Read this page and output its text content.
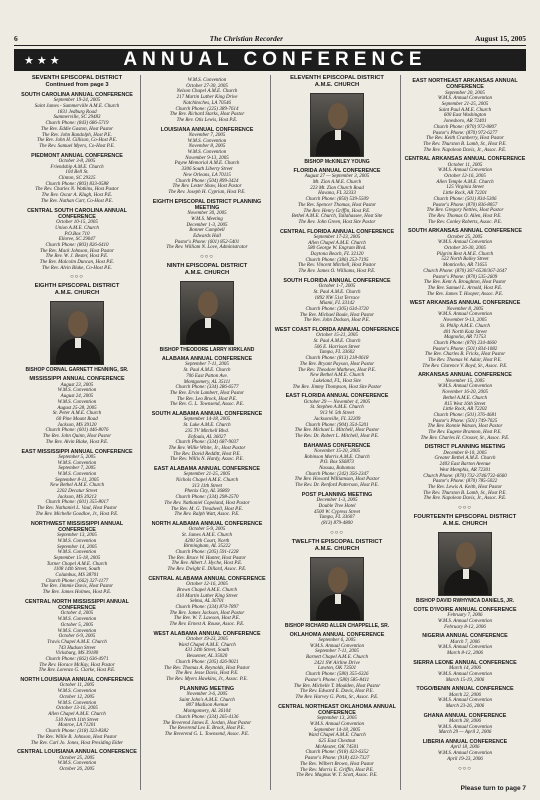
6	The Christian Recorder	August 15, 2005
★★★	ANNUAL CONFERENCE
SEVENTH EPISCOPAL DISTRICT
Continued from page 3
SOUTH CAROLINA ANNUAL CONFERENCE
September 19-24, 2005
Saint James - Summerville A.M.E. Church
1831 Jedburg Road
Summerville, SC 29483
Church Phone: (843) 686-5719
The Rev. Eddie Gaston, Host Pastor
The Rev. John Randolph, Host P.E.
The Rev. John H. Gillison, Co-Host P.E.
The Rev. Samuel Myers, Co-Host P.E.
PIEDMONT ANNUAL CONFERENCE
October 3-8, 2005
Friendship A.M.E. Church
104 Bell St.
Clinton, SC 29325
Church Phone: (803) 833-0588
The Rev. Charles N. Watkins, Host Pastor
The Rev. Oscar A. Klugh, Host P.E.
The Rev. Nathan Carr, Co-Host P.E.
CENTRAL SOUTH CAROLINA ANNUAL CONFERENCE
October 10-15, 2005
Union A.M.E. Church
P.O.Box 710
Elloree, SC 29047
Church Phone: (803) 826-6410
The Rev. Mack Johnson, Host Pastor
The Rev. W. J. Bester, Host P.E.
The Rev. Malcolm Duncan, Host P.E.
The Rev. Alvin Blake, Co-Host P.E.
○○○
EIGHTH EPISCOPAL DISTRICT
A.M.E. CHURCH
BISHOP CORNAL GARNETT HENNING, SR.
MISSISSIPPI ANNUAL CONFERENCE
August 23, 2005
W.M.S. Convention
August 24, 2005
W.M.S. Convention
August 25-28, 2005
St. Peter A.M.E. Church
60 Pine Mount Road
Jackson, MS 39120
Church Phone: (601) 446-8076
The Rev. John Quinn, Host Pastor
The Rev. Alvin Blake, Host P.E.
EAST MISSISSIPPI ANNUAL CONFERENCE
September 5, 2005
W.M.S. Convention
September 7, 2005
W.M.S. Convention
September 8-11, 2005
New Bethel A.M.E. Church
2202 Decatur Street
Jackson, MS 39213
Church Phone: (601) 355-8017
The Rev. Nathaniel L. Vaul, Host Pastor
The Rev. Michelle Goodloe, Jr., Host P.E.
NORTHWEST MISSISSIPPI ANNUAL CONFERENCE
September 13, 2005
W.M.S. Convention
September 14, 2005
W.M.S. Convention
September 15-18, 2005
Turner Chapel A.M.E. Church
1108 14th Street, South
Columbus, MS 38701
Church Phone: (662) 327-1177
The Rev. Jimmie Davis, Host Pastor
The Rev. James Holmes, Host P.E.
CENTRAL NORTH MISSISSIPPI ANNUAL CONFERENCE
October 4, 2005
W.M.S. Convention
October 5, 2005
W.M.S. Convention
October 6-9, 2005
Travis Chapel A.M.E. Church
743 Hudson Street
Vicksburg, MS 39180
Church Phone: (662) 636-4971
The Rev. Horace McKay, Host Pastor
The Rev. Lorenzo G. Clarke, Host P.E.
NORTH LOUISIANA ANNUAL CONFERENCE
October 11, 2005
W.M.S. Convention
October 12, 2005
W.M.S. Convention
October 13-16, 2005
Allen Chapel A.M.E. Church
510 North 11th Street
Monroe, LA 71201
Church Phone: (318) 323-8382
The Rev. Willie B. Johnson, Host Pastor
The Rev. Carl Jo. Jones, Host Presiding Elder
CENTRAL LOUISIANA ANNUAL CONFERENCE
October 25, 2005
W.M.S. Convention
October 26, 2005
W.M.S. Convention
October 27-30, 2005
Nelson Chapel A.M.E. Church
217 Martin Luther King Drive
Natchitoches, LA 70546
Church Phone: (225) 389-7614
The Rev. Richard Starks, Host Pastor
The Rev. Otis Lewis, Host P.E.
LOUISIANA ANNUAL CONFERENCE
November 7, 2005
W.M.S. Convention
November 8, 2005
W.M.S. Convention
November 9-13, 2005
Payne Memorial A.M.E. Church
3306 South Liberty Street
New Orleans, LA 70115
Church Phone: (504) 899-3424
The Rev. Lester Shaw, Host Pastor
The Rev. Joseph H. Cyprian, Host P.E.
EIGHTH EPISCOPAL DISTRICT PLANNING MEETING
November 30, 2005
W.M.S. Meeting
December 1-3, 2005
Bonner Campbell
Edwards Hall
Pastor's Phone: (601) 852-5401
The Rev. William N. Love, Administrator
○○○
NINTH EPISCOPAL DISTRICT
A.M.E. CHURCH
BISHOP THEODORE LARRY KIRKLAND
ALABAMA ANNUAL CONFERENCE
September 7-11, 2005
St. Paul A.M.E. Church
706 East Patton Ave.
Montgomery, AL 35111
Church Phone: (334) 286-6577
The Rev. Ervin Lambert, Host Pastor
The Rev. Leo Brock, Host P.E.
The Rev. G. L. Townsend, Assoc. P.E.
SOUTH ALABAMA ANNUAL CONFERENCE
September 14-18, 2005
St. Luke A.M.E. Church
235 TV Mitchell Blvd.
Enfoula, AL 36027
Church Phone: (334) 687-9037
The Rev. Willie White, Jr., Host Pastor
The Rev. David Redditt, Host P.E.
The Rev. Willis N. Hardy, Assoc. P.E.
EAST ALABAMA ANNUAL CONFERENCE
September 21-25, 2005
Nichols Chapel A.M.E. Church
313 11th Street
Phenix City, AL 36869
Church Phone: (334) 298-2570
The Rev. Nathaniel Copeland, Host Pastor
The Rev. M. G. Treadwell, Host P.E.
The Rev. Ralph Watt, Assoc. P.E.
NORTH ALABAMA ANNUAL CONFERENCE
October 5-9, 2005
St. James A.M.E. Church
4200 5th Court, North
Birmingham, AL 35222
Church Phone: (205) 591-1228
The Rev. Bruce W. Hunter, Host Pastor
The Rev. Albert J. Hyche, Host P.E.
The Rev. Dwight E. Dillard, Assoc. P.E.
CENTRAL ALABAMA ANNUAL CONFERENCE
October 12-16, 2005
Brown Chapel A.M.E. Church
410 Martin Luther King Street
Selma, AL 36701
Church Phone: (334) 874-7897
The Rev. James Jackson, Host Pastor
The Rev. W. T. Lawson, Host P.E.
The Rev. Ernest A. Rouse, Assoc. P.E.
WEST ALABAMA ANNUAL CONFERENCE
October 19-23, 2005
Ward Chapel A.M.E. Church
431 24th Street, South
Bessemer, AL 35020
Church Phone: (205) 426-9021
The Rev. Thomas A. Reynolds, Host Pastor
The Rev. Jesse Davis, Host P.E.
The Rev. Myers Hawkins, Jr., Assoc. P.E.
PLANNING MEETING
November 3-6, 2005
Saint John's A.M.E. Church
807 Madison Avenue
Montgomery, AL 36104
Church Phone: (334) 265-4136
The Reverend James E. Jordan, Host Pastor
The Reverend Leo E. Brock, Host P.E.
The Reverend G. L. Townsend, Assoc. P.E.
ELEVENTH EPISCOPAL DISTRICT
A.M.E. CHURCH
BISHOP McKINLEY YOUNG
FLORIDA ANNUAL CONFERENCE
August 27 — September 3, 2005
Mt. Zion A.M.E. Church
223 Mt. Zion Church Road
Havana, FL 32333
Church Phone: (850) 539-5509
The Rev. Spencer Thomas, Host Pastor
The Rev. Henry Griffin, Host P.E.
Bethel A.M.E. Church, Tallahassee, Host Site
The Rev. John Green, Host Site Pastor
CENTRAL FLORIDA ANNUAL CONFERENCE
September 17-23, 2005
Allen Chapel A.M.E. Church
580 George W. Engram Blvd.
Daytona Beach, FL 32120
Church Phone: (386) 253-7195
The Rev. Vincent Mitchell, Host Pastor
The Rev. James O. Williams, Host P.E.
SOUTH FLORIDA ANNUAL CONFERENCE
October 1-7, 2005
St. Paul A.M.E. Church
1892 NW 51st Terrace
Miami, FL 33142
Church Phone: (305) 634-3720
The Rev. Michael Boule, Host Pastor
The Rev. John Dodson, Host P.E.
WEST COAST FLORIDA ANNUAL CONFERENCE
October 15-21, 2005
St. Paul A.M.E. Church
506 E. Harrison Street
Tampa, FL 33602
Church Phone: (813) 218-0618
The Rev. Bryant Payson, Host Pastor
The Rev. Theodore Mathews, Host P.E.
New Bethel A.M.E. Church
Lakeland, FL, Host Site
The Rev. Jimmy Thompson, Host Site Pastor
EAST FLORIDA ANNUAL CONFERENCE
October 29 — November 4, 2005
St. Stephen A.M.E. Church
913 W. 5th Street
Jacksonville, FL 32209
Church Phone: (904) 354-5201
The Rev. Michael L. Mitchell, Host Pastor
The Rev. Dr. Robert L. Mitchell, Host P.E.
BAHAMAS CONFERENCE
November 15-20, 2005
Robinson Morris A.M.E. Church
P.O. Box SS6873
Nassau, Bahamas
Church Phone: (242) 356-2347
The Rev. Howard Williamson, Host Pastor
The Rev. Dr. Renford Patterson, Host P.E.
POST PLANNING MEETING
December 1-3, 2005
Double Tree Hotel
4500 W. Cypress Street
Tampa, FL 33607
(813) 879-4800
○○○
TWELFTH EPISCOPAL DISTRICT
A.M.E. CHURCH
BISHOP RICHARD ALLEN CHAPPELLE, SR.
OKLAHOMA ANNUAL CONFERENCE
September 6, 2005
W.M.S. Annual Convention
September 7-11, 2005
Barnett Chapel A.M.E. Church
2421 SW Airline Drive
Lawton, OK 73501
Church Phone: (580) 355-6326
Pastor's Phone: (580) 585-8411
The Rev. Michelle T. Moulden, Host Pastor
The Rev. Edward E. Davis, Host P.E.
The Rev. Harvey G. Potts, Sr., Assoc. P.E.
CENTRAL NORTHEAST OKLAHOMA ANNUAL CONFERENCE
September 13, 2005
W.M.S. Annual Convention
September 14-18, 2005
Ward Chapel A.M.E. Church
625 East Chestnut
McAlester, OK 74501
Church Phone: (918) 423-6352
Pastor's Phone: (918) 423-7327
The Rev. Wilbert Brown, Host Pastor
The Rev. Morris E. Griffin, Host P.E.
The Rev. Magnus W. T. Scott, Assoc. P.E.
EAST NORTHEAST ARKANSAS ANNUAL CONFERENCE
September 20, 2005
W.M.S. Annual Convention
September 21-25, 2005
Saint Paul A.M.E. Church
600 East Washington
Jonesboro, AR 72401
Church Phone: (870) 972-0807
Pastor's Phone: (870) 972-6277
The Rev. Keith Cranberry, Host Pastor
The Rev. Thurston B. Lamb, Sr., Host P.E.
The Rev. Napoleon Davis, Jr., Assoc. P.E.
CENTRAL ARKANSAS ANNUAL CONFERENCE
October 11, 2005
W.M.S. Annual Convention
October 12-16, 2005
Allen Temple A.M.E. Church
125 Virginia Street
Little Rock, AR 72201
Church Phone: (501) 834-5306
Pastor's Phone: (870) 836-8057
The Rev. Gregory Nettles, Host Pastor
The Rev. Thomas O. Allen, Host P.E.
The Rev. Conley Roberts, Assoc. P.E.
SOUTH ARKANSAS ANNUAL CONFERENCE
October 25, 2005
W.M.S. Annual Convention
October 26-30, 2005
Pilgrim Rest A.M.E. Church
522 North Bailey Street
Monticello, AR 71655
Church Phone: (870) 367-6530/367-2647
Pastor's Phone: (870) 535-2609
The Rev. Kent A. Broughton, Host Pastor
The Rev. Samuel L. Arnold, Host P.E.
The Rev. James T. Hooper, Assoc. P.E.
WEST ARKANSAS ANNUAL CONFERENCE
November 8, 2005
W.M.S. Annual Convention
November 9-13, 2005
St. Philip A.M.E. Church
401 North Katz Street
Magnolia, AR 71753
Church Phone: (870) 234-4660
Pastor's Phone: (501) 834-1082
The Rev. Charles B. Fricks, Host Pastor
The Rev. Thomas W. Adair, Host P.E.
The Rev. Clarence V. Boyd, Sr., Assoc. P.E.
ARKANSAS ANNUAL CONFERENCE
November 15, 2005
W.M.S. Annual Convention
November 16-20, 2005
Bethel A.M.E. Church
815 West 16th Street
Little Rock, AR 72202
Church Phone: (501) 376-4681
Pastor's Phone: (501) 749-7025
The Rev. Ronnie Watson, Host Pastor
The Rev. Eugene Brannon, Host P.E.
The Rev. Charles H. Crosser, Sr., Assoc. P.E.
DISTRICT PLANNING MEETING
December 8-10, 2005
Greater Bethel A.M.E. Church
2403 East Barton Avenue
West Memphis, AR 72301
Church Phone: (870) 732-3746/732-6660
Pastor's Phone: (870) 785-5022
The Rev. Lewis A. Keith, Host Pastor
The Rev. Thurston B. Lamb, Sr., Host P.E.
The Rev. Napoleon Davis, Jr., Assoc. P.E.
○○○
FOURTEENTH EPISCOPAL DISTRICT
A.M.E. CHURCH
BISHOP DAVID RWHYNICA DANIELS, JR.
COTE D'IVOIRE ANNUAL CONFERENCE
February 7, 2006
W.M.S. Annual Convention
February 8-12, 2006
NIGERIA ANNUAL CONFERENCE
March 7, 2006
W.M.S. Annual Convention
March 8-12, 2006
SIERRA LEONE ANNUAL CONFERENCE
March 14, 2006
W.M.S. Annual Convention
March 15-19, 2006
TOGO/BENIN ANNUAL CONFERENCE
March 22, 2006
W.M.S. Annual Convention
March 23-26, 2006
GHANA ANNUAL CONFERENCE
March 28, 2006
W.M.S. Annual Convention
March 29 — April 2, 2006
LIBERIA ANNUAL CONFERENCE
April 18, 2006
W.M.S. Annual Convention
April 19-23, 2006
○○○
Please turn to page 7
